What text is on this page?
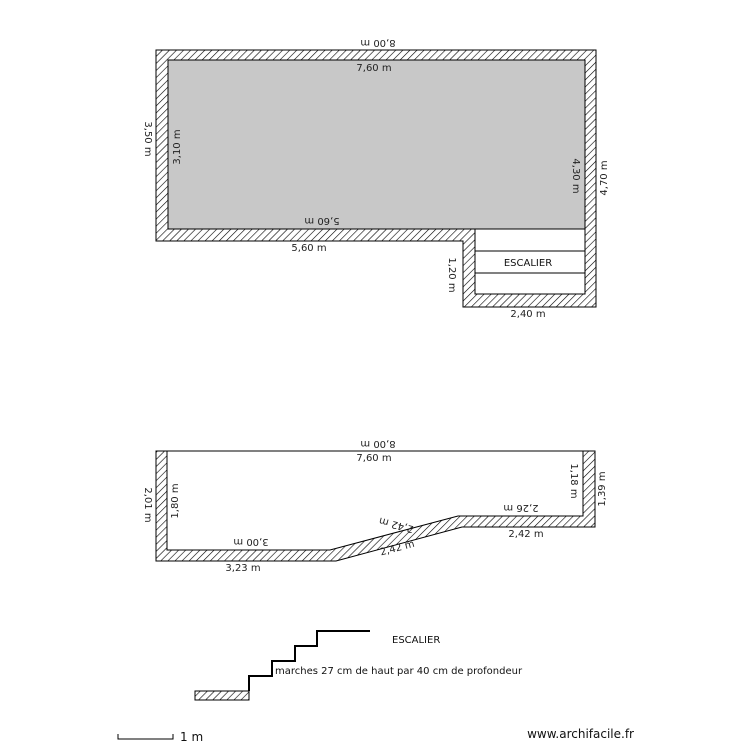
8,00 m
7,60 m
3,50 m 3,10 m
4,30 m 4,70 m
5,60 m
5,60 m
1,20 m
2,40 m
ESCALIER
8,00 m
7,60 m
2,01 m 1,80 m
1,18 m 1,39 m
3,00 m
3,23 m
2,42 m
2,42 m
2,26 m
2,42 m
ESCALIER
marches 27 cm de haut par 40 cm de profondeur
1 m	www.archifacile.fr
